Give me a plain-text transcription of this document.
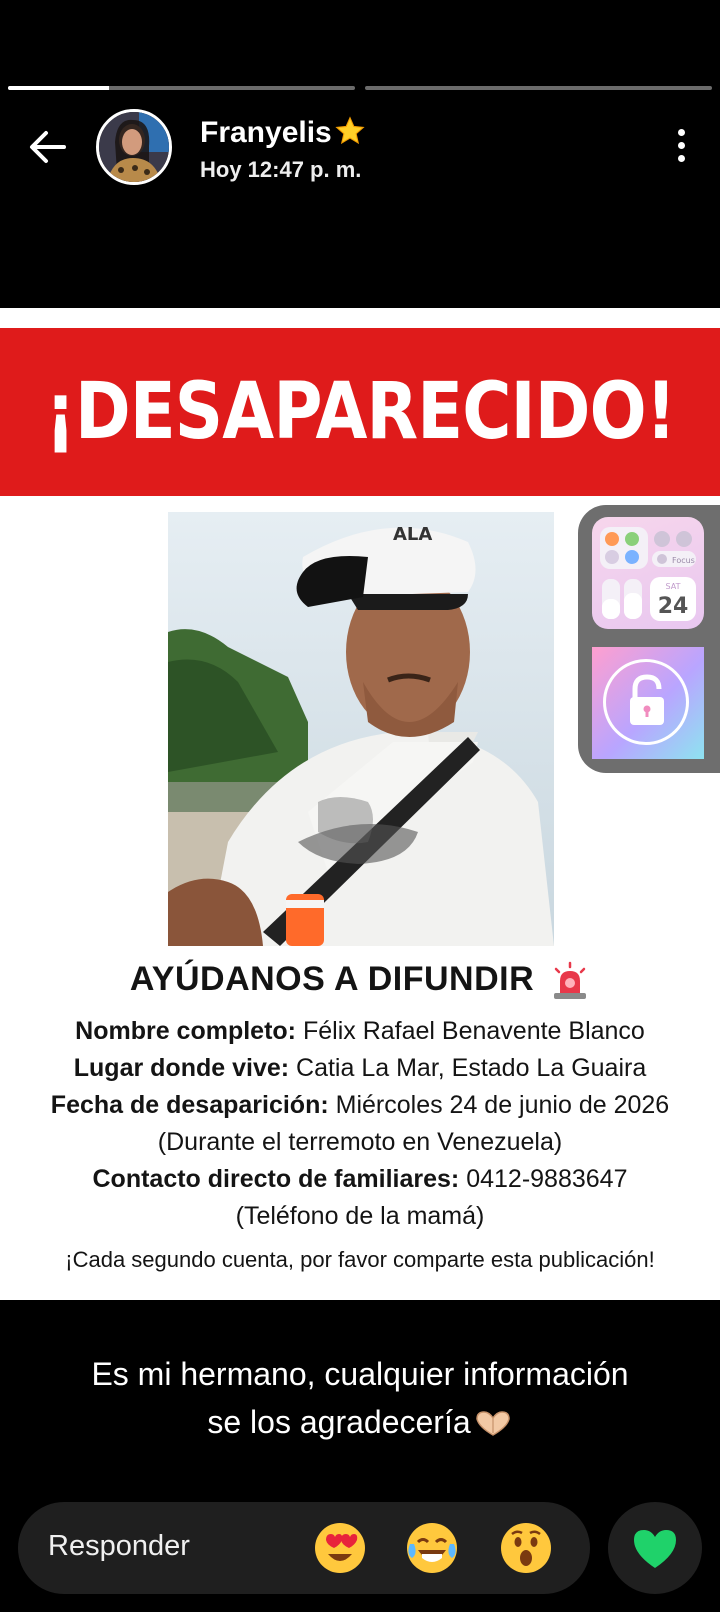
Franyelis
Hoy 12:47 p. m.
¡DESAPARECIDO!
ALA
AYÚDANOS A DIFUNDIR
Nombre completo: Félix Rafael Benavente Blanco
Lugar donde vive: Catia La Mar, Estado La Guaira
Fecha de desaparición: Miércoles 24 de junio de 2026
(Durante el terremoto en Venezuela)
Contacto directo de familiares: 0412-9883647
(Teléfono de la mamá)
¡Cada segundo cuenta, por favor comparte esta publicación!
Focus
SAT
24
Es mi hermano, cualquier información
se los agradecería
Responder
